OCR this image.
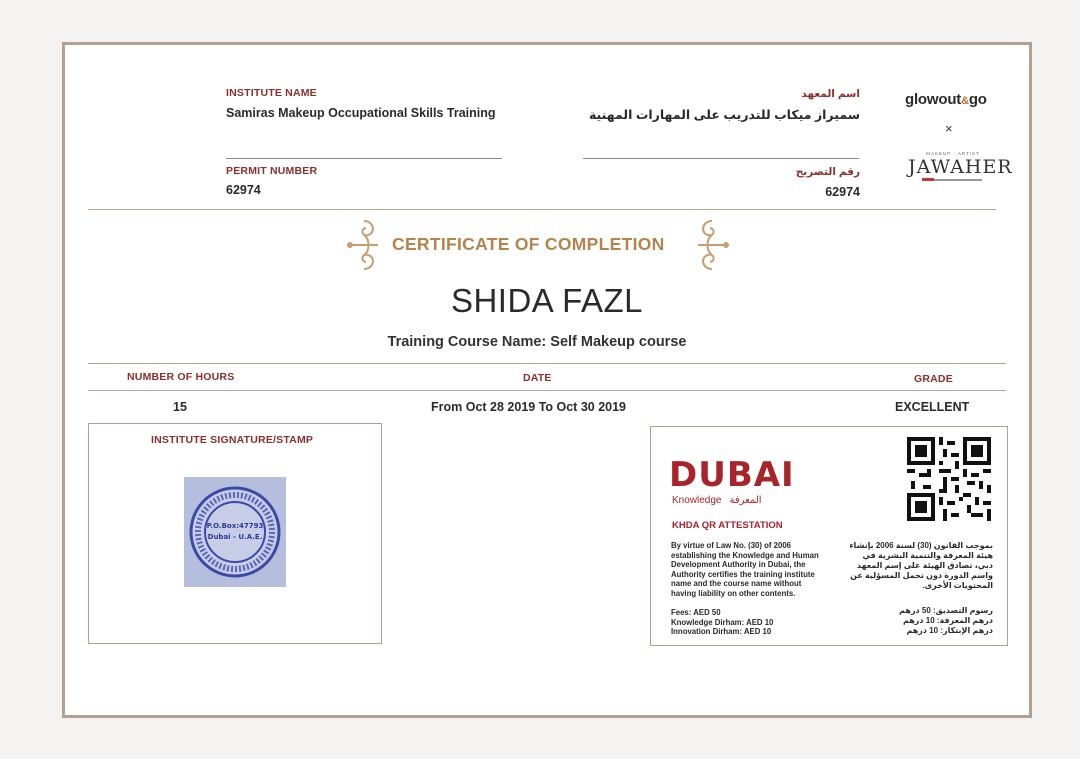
INSTITUTE NAME
Samiras Makeup Occupational Skills Training
اسم المعهد
سميراز ميكاب للتدريب على المهارات المهنية
PERMIT NUMBER
62974
رقم التصريح
62974
glowout&go
×
MAKEUP · ARTIST
JAWAHER
CERTIFICATE OF COMPLETION
SHIDA FAZL
Training Course Name: Self Makeup course
NUMBER OF HOURS	DATE	GRADE
15	From Oct 28 2019 To Oct 30 2019	EXCELLENT
INSTITUTE SIGNATURE/STAMP
P.O.Box:47793
Dubai - U.A.E.
DUBAI
Knowledge المعرفة
KHDA QR ATTESTATION
By virtue of Law No. (30) of 2006 establishing the Knowledge and Human Development Authority in Dubai, the Authority certifies the training institute name and the course name without having liability on other contents.
بموجب القانون (30) لسنة 2006 بإنشاء هيئة المعرفة والتنمية البشرية في دبي، تصادق الهيئة على إسم المعهد واسم الدورة دون تحمل المسؤلية عن المحتويات الأخرى.
Fees: AED 50
Knowledge Dirham: AED 10
Innovation Dirham: AED 10
رسوم التصديق: 50 درهم
درهم المعرفة: 10 درهم
درهم الإبتكار: 10 درهم
